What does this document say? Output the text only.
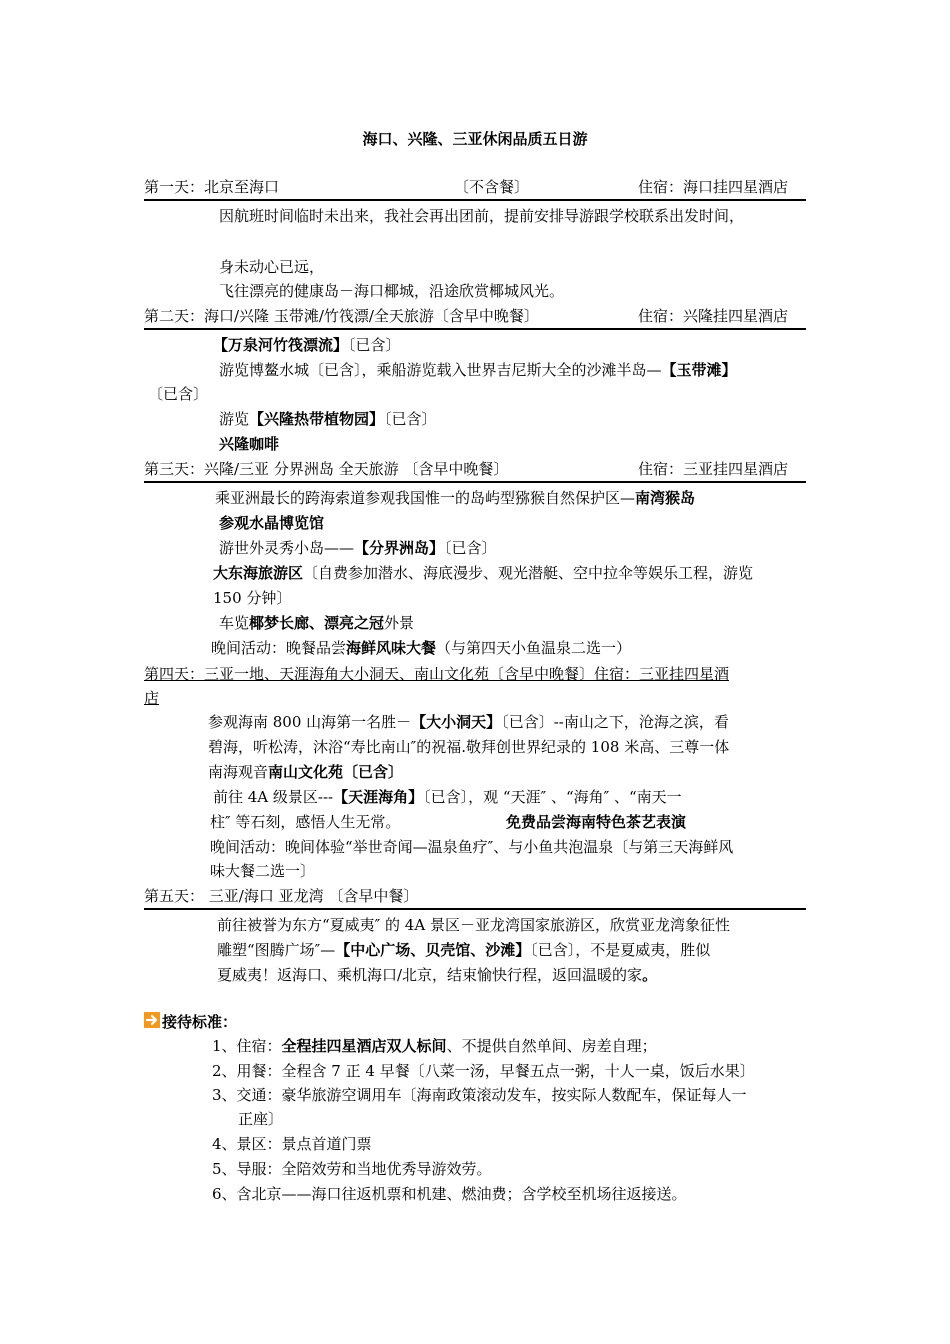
海口、兴隆、三亚休闲品质五日游
第一天：北京至海口	〔不含餐〕	住宿：海口挂四星酒店
因航班时间临时未出来，我社会再出团前，提前安排导游跟学校联系出发时间，
身未动心已远，
飞往漂亮的健康岛－海口椰城，沿途欣赏椰城风光。
第二天：海口/兴隆 玉带滩/竹筏漂/全天旅游〔含早中晚餐〕	住宿：兴隆挂四星酒店
【万泉河竹筏漂流】〔已含〕
游览博鳌水城〔已含〕，乘船游览载入世界吉尼斯大全的沙滩半岛—【玉带滩】
〔已含〕
游览【兴隆热带植物园】〔已含〕
兴隆咖啡
第三天：兴隆/三亚 分界洲岛 全天旅游 〔含早中晚餐〕	住宿：三亚挂四星酒店
乘亚洲最长的跨海索道参观我国惟一的岛屿型猕猴自然保护区—南湾猴岛
参观水晶博览馆
游世外灵秀小岛——【分界洲岛】〔已含〕
大东海旅游区〔自费参加潜水、海底漫步、观光潜艇、空中拉伞等娱乐工程，游览
150 分钟〕
车览椰梦长廊、漂亮之冠外景
晚间活动：晚餐品尝海鲜风味大餐（与第四天小鱼温泉二选一）
第四天：三亚一地、天涯海角大小洞天、南山文化苑〔含早中晚餐〕住宿：三亚挂四星酒
店
参观海南 800 山海第一名胜－【大小洞天】〔已含〕--南山之下，沧海之滨，看
碧海，听松涛，沐浴“寿比南山″的祝福.敬拜创世界纪录的 108 米高、三尊一体
南海观音南山文化苑〔已含〕
前往 4A 级景区---【天涯海角】〔已含〕，观 “天涯″ 、“海角″ 、“南天一
柱″ 等石刻，感悟人生无常。	免费品尝海南特色茶艺表演
晚间活动：晚间体验“举世奇闻—温泉鱼疗″、与小鱼共泡温泉〔与第三天海鲜风
味大餐二选一〕
第五天： 三亚/海口 亚龙湾 〔含早中餐〕
前往被誉为东方“夏威夷″ 的 4A 景区－亚龙湾国家旅游区，欣赏亚龙湾象征性
雕塑“图腾广场″—【中心广场、贝壳馆、沙滩】〔已含〕，不是夏威夷，胜似
夏威夷！返海口、乘机海口/北京，结束愉快行程，返回温暖的家。
接待标准：
1、住宿：全程挂四星酒店双人标间、不提供自然单间、房差自理；
2、用餐：全程含 7 正 4 早餐〔八菜一汤，早餐五点一粥，十人一桌，饭后水果〕
3、交通：豪华旅游空调用车〔海南政策滚动发车，按实际人数配车，保证每人一
正座〕
4、景区：景点首道门票
5、导服：全陪效劳和当地优秀导游效劳。
6、含北京——海口往返机票和机建、燃油费；含学校至机场往返接送。
